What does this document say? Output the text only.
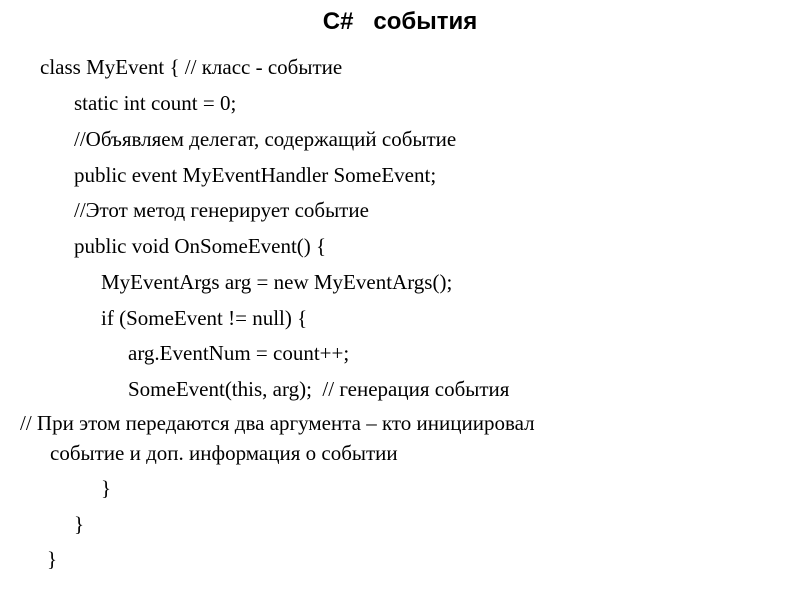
C#   события
class MyEvent { // класс - событие
static int count = 0;
//Объявляем делегат, содержащий событие
public event MyEventHandler SomeEvent;
//Этот метод генерирует событие
public void OnSomeEvent() {
MyEventArgs arg = new MyEventArgs();
if (SomeEvent != null) {
arg.EventNum = count++;
SomeEvent(this, arg);  // генерация события
// При этом передаются два аргумента – кто инициировал
событие и доп. информация о событии
}
}
}
